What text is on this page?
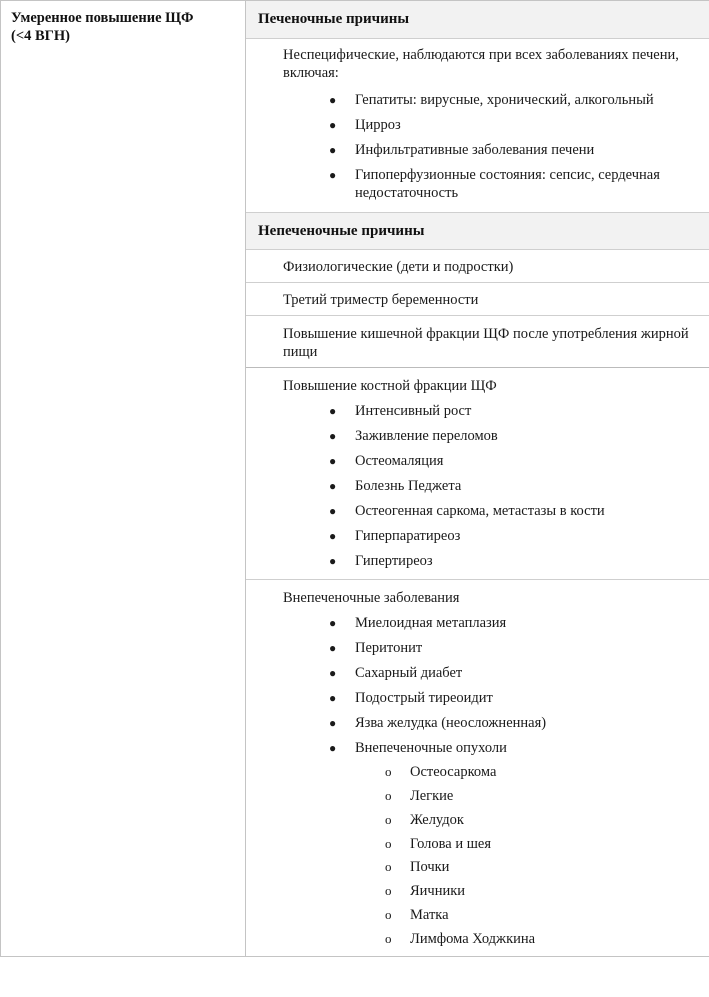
Умеренное повышение ЩФ
(<4 ВГН)
Печеночные причины
Неспецифические, наблюдаются при всех заболеваниях печени,
включая:
● Гепатиты: вирусные, хронический, алкогольный
● Цирроз
● Инфильтративные заболевания печени
● Гипоперфузионные состояния: сепсис, сердечная недостаточность
Непеченочные причины
Физиологические (дети и подростки)
Третий триместр беременности
Повышение кишечной фракции ЩФ после употребления жирной
пищи
Повышение костной фракции ЩФ
● Интенсивный рост
● Заживление переломов
● Остеомаляция
● Болезнь Педжета
● Остеогенная саркома, метастазы в кости
● Гиперпаратиреоз
● Гипертиреоз
Внепеченочные заболевания
● Миелоидная метаплазия
● Перитонит
● Сахарный диабет
● Подострый тиреоидит
● Язва желудка (неосложненная)
● Внепеченочные опухоли
o Остеосаркома
o Легкие
o Желудок
o Голова и шея
o Почки
o Яичники
o Матка
o Лимфома Ходжкина
